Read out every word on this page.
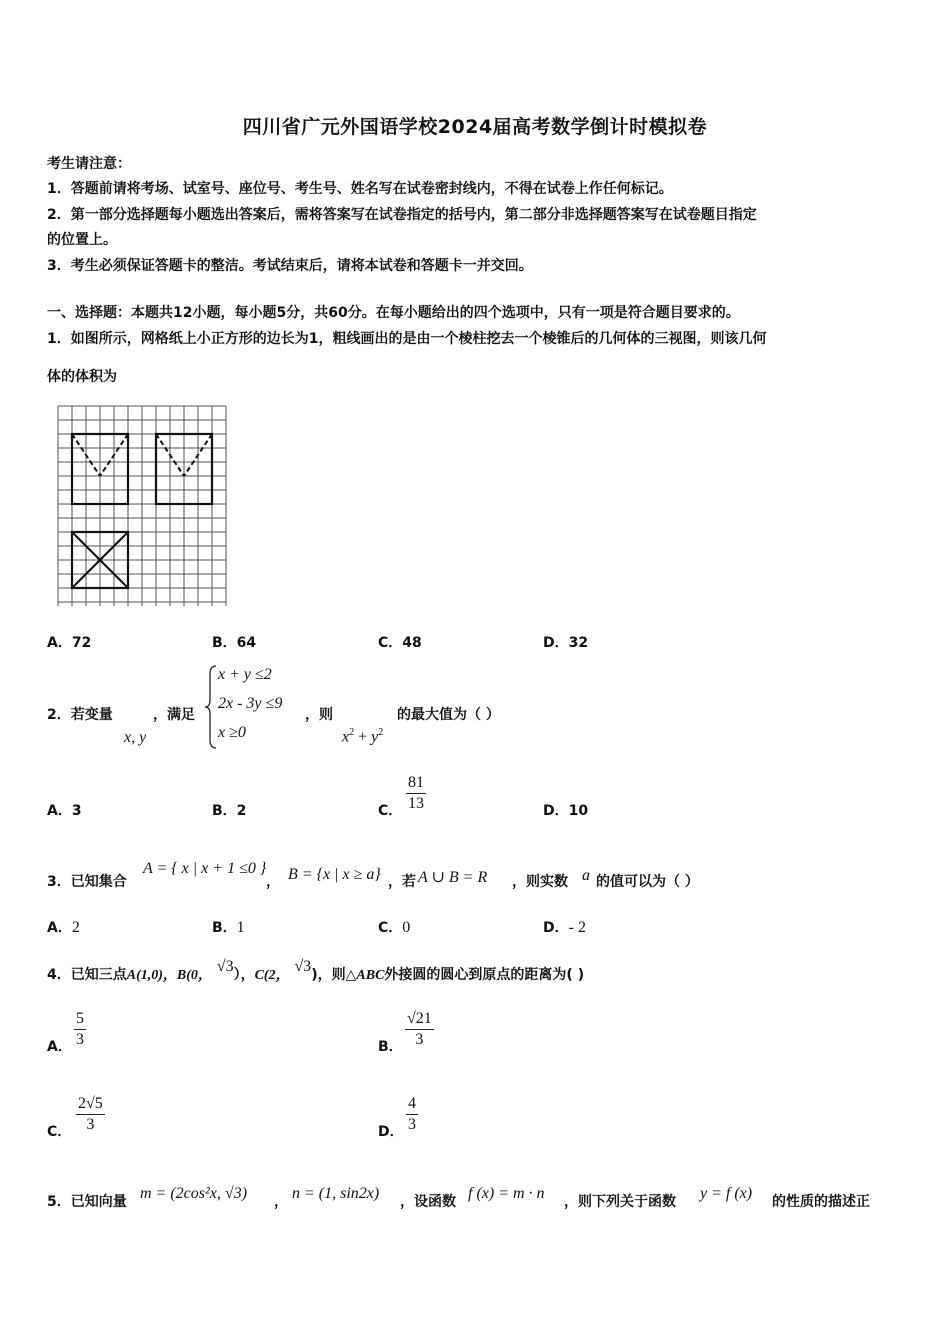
四川省广元外国语学校2024届高考数学倒计时模拟卷
考生请注意：
1．答题前请将考场、试室号、座位号、考生号、姓名写在试卷密封线内，不得在试卷上作任何标记。
2．第一部分选择题每小题选出答案后，需将答案写在试卷指定的括号内，第二部分非选择题答案写在试卷题目指定
的位置上。
3．考生必须保证答题卡的整洁。考试结束后，请将本试卷和答题卡一并交回。
一、选择题：本题共12小题，每小题5分，共60分。在每小题给出的四个选项中，只有一项是符合题目要求的。
1．如图所示，网格纸上小正方形的边长为1，粗线画出的是由一个棱柱挖去一个棱锥后的几何体的三视图，则该几何
体的体积为
A．72	B．64	C．48	D．32
2．若变量
x, y
，满足
x + y ≤2
2x - 3y ≤9
x ≥0
，则
$x^2 + y^2$
的最大值为（ ）
A．3	B．2	C．
81
13	D．10
3．已知集合
A = { x | x + 1 ≤0 }
， B = {x | x ≥ a} ，若 A ∪ B = R ，则实数 a 的值可以为（ ）
A．2	B．1	C．0	D．- 2
4．已知三点A(1,0)，B(0， √3），C(2， √3)，则△ABC外接圆的圆心到原点的距离为( )
A．
5
3	B．
√21
3
C．
2√5
3	D．
4
3
5．已知向量 m = (2cos²x, √3) ， n = (1, sin2x) ，设函数 f (x) = m · n ，则下列关于函数 y = f (x) 的性质的描述正
